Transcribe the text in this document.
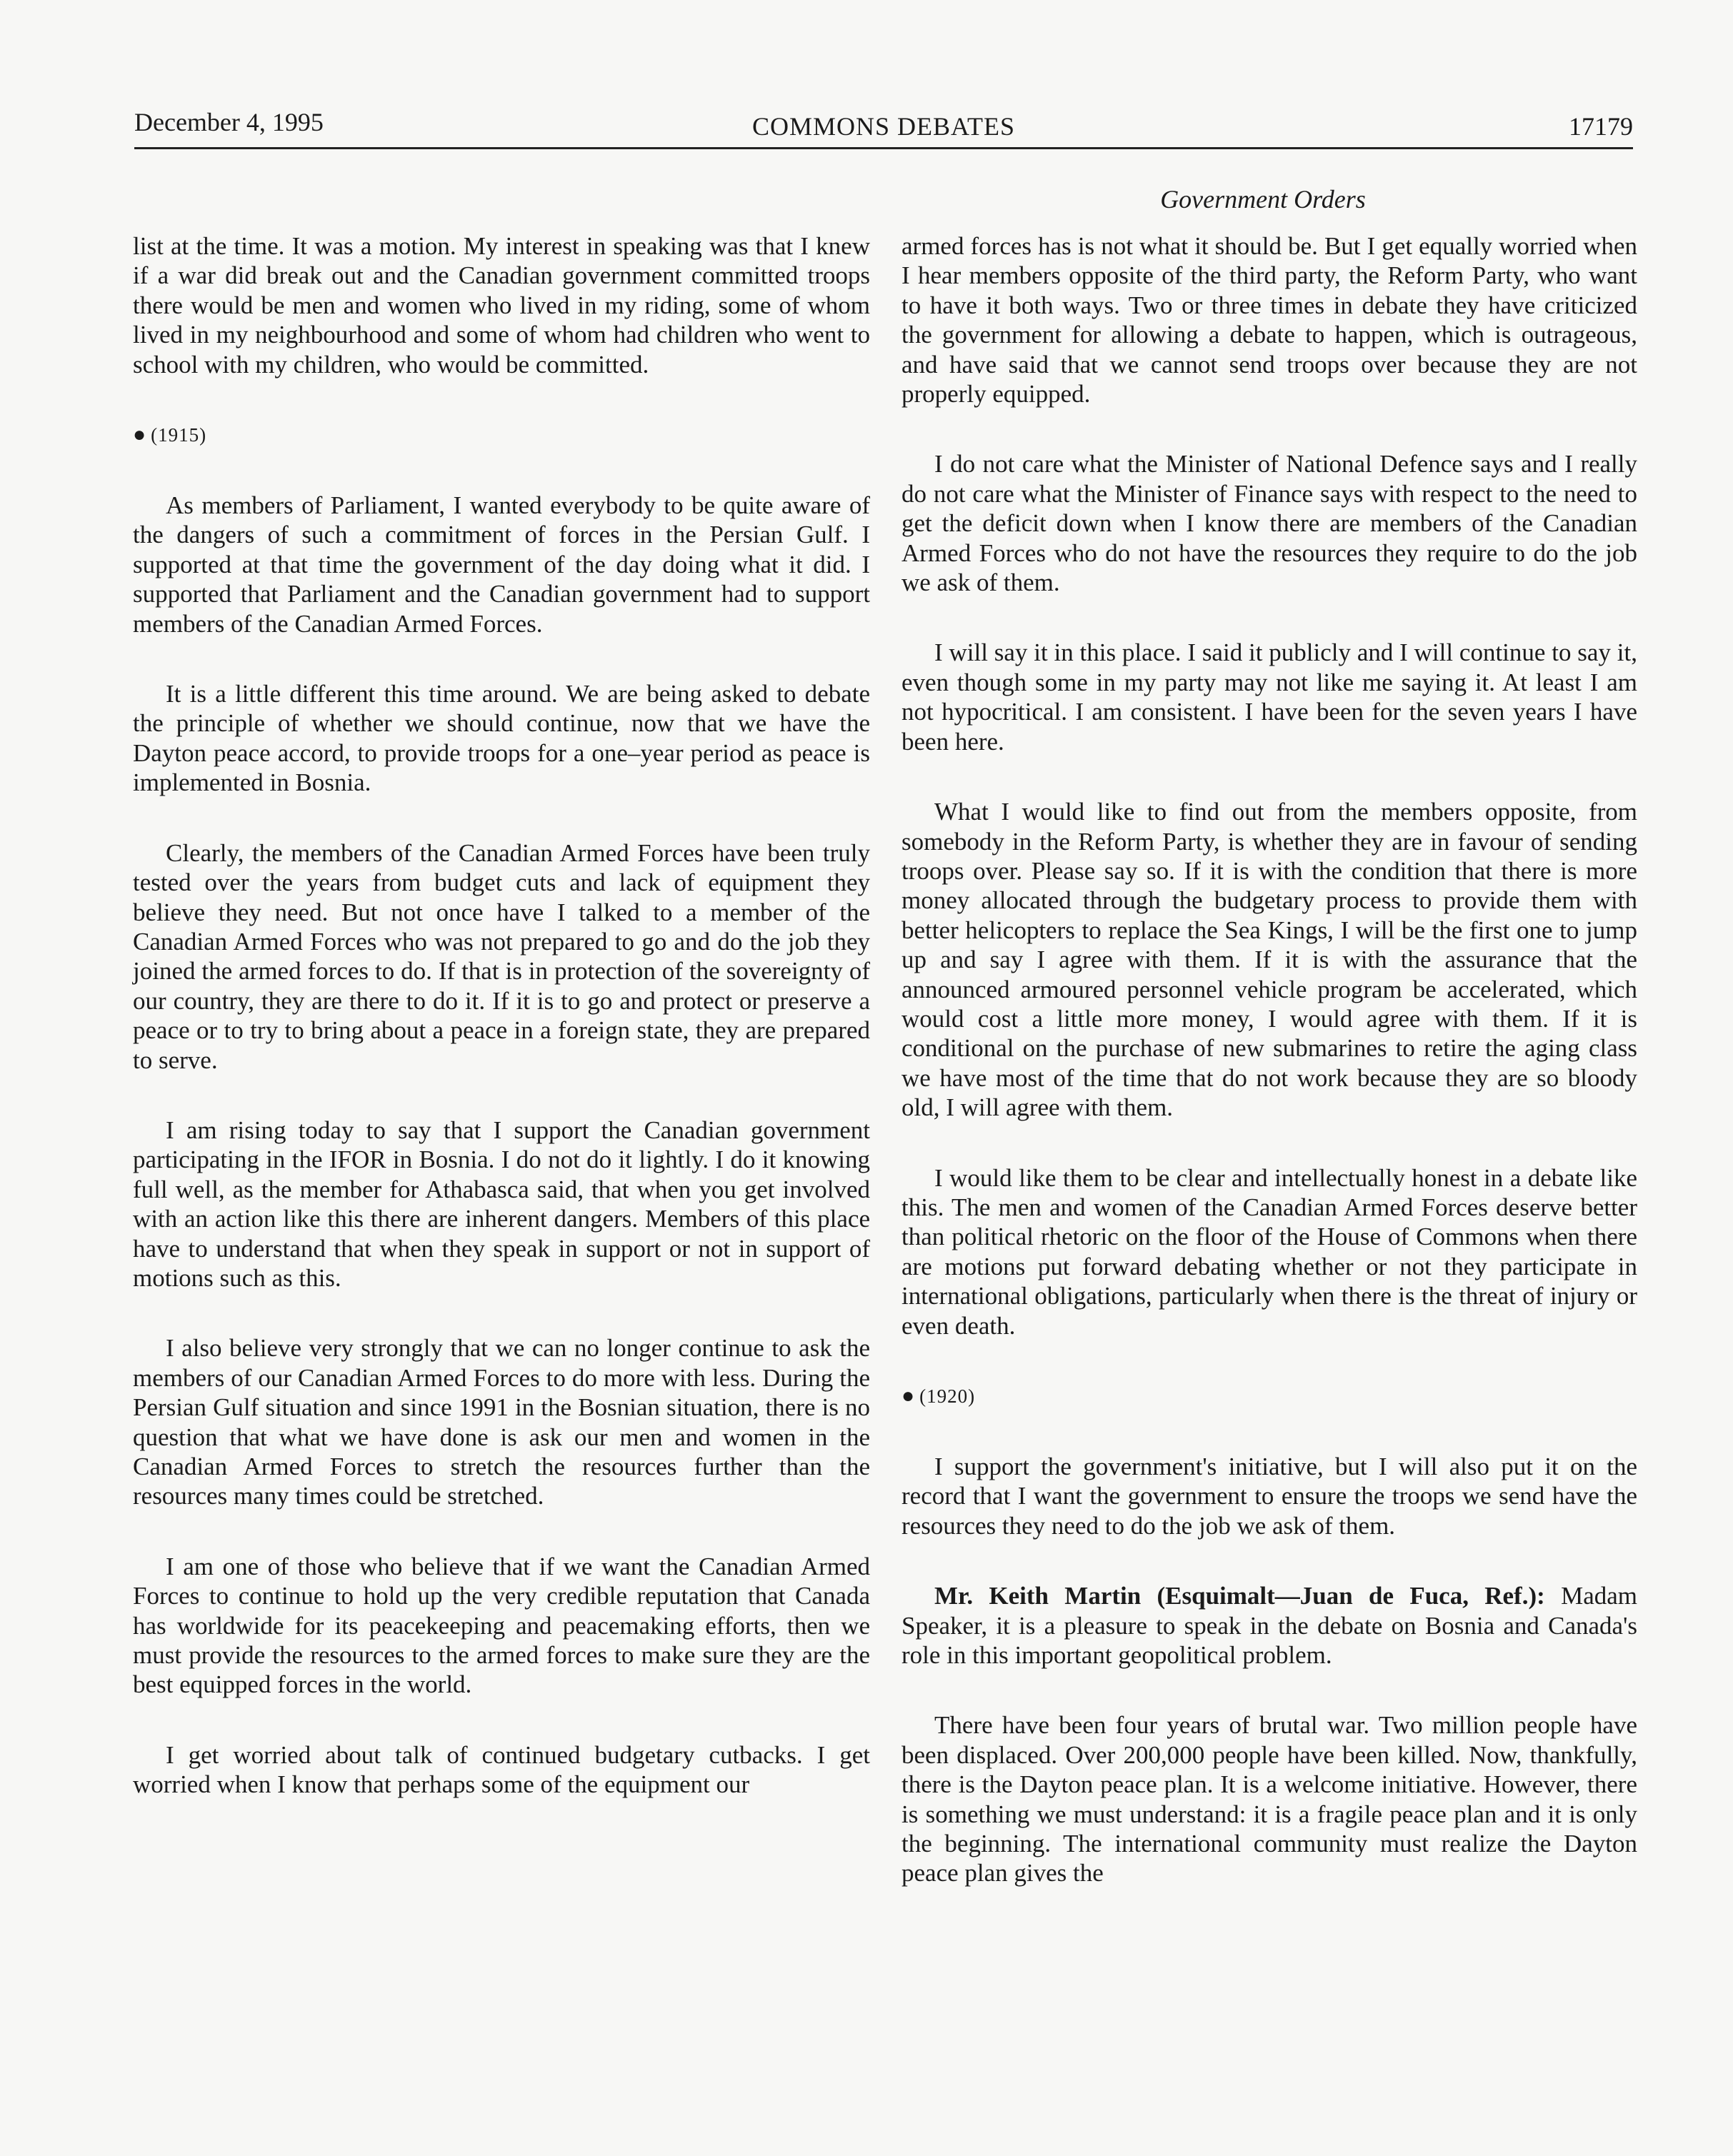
December 4, 1995	COMMONS DEBATES	17179
Government Orders

list at the time. It was a motion. My interest in speaking was that I knew if a war did break out and the Canadian government committed troops there would be men and women who lived in my riding, some of whom lived in my neighbourhood and some of whom had children who went to school with my children, who would be committed.

● (1915)

As members of Parliament, I wanted everybody to be quite aware of the dangers of such a commitment of forces in the Persian Gulf. I supported at that time the government of the day doing what it did. I supported that Parliament and the Canadian government had to support members of the Canadian Armed Forces.

It is a little different this time around. We are being asked to debate the principle of whether we should continue, now that we have the Dayton peace accord, to provide troops for a one–year period as peace is implemented in Bosnia.

Clearly, the members of the Canadian Armed Forces have been truly tested over the years from budget cuts and lack of equipment they believe they need. But not once have I talked to a member of the Canadian Armed Forces who was not prepared to go and do the job they joined the armed forces to do. If that is in protection of the sovereignty of our country, they are there to do it. If it is to go and protect or preserve a peace or to try to bring about a peace in a foreign state, they are prepared to serve.

I am rising today to say that I support the Canadian government participating in the IFOR in Bosnia. I do not do it lightly. I do it knowing full well, as the member for Athabasca said, that when you get involved with an action like this there are inherent dangers. Members of this place have to understand that when they speak in support or not in support of motions such as this.

I also believe very strongly that we can no longer continue to ask the members of our Canadian Armed Forces to do more with less. During the Persian Gulf situation and since 1991 in the Bosnian situation, there is no question that what we have done is ask our men and women in the Canadian Armed Forces to stretch the resources further than the resources many times could be stretched.

I am one of those who believe that if we want the Canadian Armed Forces to continue to hold up the very credible reputation that Canada has worldwide for its peacekeeping and peacemaking efforts, then we must provide the resources to the armed forces to make sure they are the best equipped forces in the world.

I get worried about talk of continued budgetary cutbacks. I get worried when I know that perhaps some of the equipment our

armed forces has is not what it should be. But I get equally worried when I hear members opposite of the third party, the Reform Party, who want to have it both ways. Two or three times in debate they have criticized the government for allowing a debate to happen, which is outrageous, and have said that we cannot send troops over because they are not properly equipped.

I do not care what the Minister of National Defence says and I really do not care what the Minister of Finance says with respect to the need to get the deficit down when I know there are members of the Canadian Armed Forces who do not have the resources they require to do the job we ask of them.

I will say it in this place. I said it publicly and I will continue to say it, even though some in my party may not like me saying it. At least I am not hypocritical. I am consistent. I have been for the seven years I have been here.

What I would like to find out from the members opposite, from somebody in the Reform Party, is whether they are in favour of sending troops over. Please say so. If it is with the condition that there is more money allocated through the budgetary process to provide them with better helicopters to replace the Sea Kings, I will be the first one to jump up and say I agree with them. If it is with the assurance that the announced armoured personnel vehicle program be accelerated, which would cost a little more money, I would agree with them. If it is conditional on the purchase of new submarines to retire the aging class we have most of the time that do not work because they are so bloody old, I will agree with them.

I would like them to be clear and intellectually honest in a debate like this. The men and women of the Canadian Armed Forces deserve better than political rhetoric on the floor of the House of Commons when there are motions put forward debating whether or not they participate in international obligations, particularly when there is the threat of injury or even death.

● (1920)

I support the government's initiative, but I will also put it on the record that I want the government to ensure the troops we send have the resources they need to do the job we ask of them.

Mr. Keith Martin (Esquimalt—Juan de Fuca, Ref.): Madam Speaker, it is a pleasure to speak in the debate on Bosnia and Canada's role in this important geopolitical problem.

There have been four years of brutal war. Two million people have been displaced. Over 200,000 people have been killed. Now, thankfully, there is the Dayton peace plan. It is a welcome initiative. However, there is something we must understand: it is a fragile peace plan and it is only the beginning. The international community must realize the Dayton peace plan gives the
